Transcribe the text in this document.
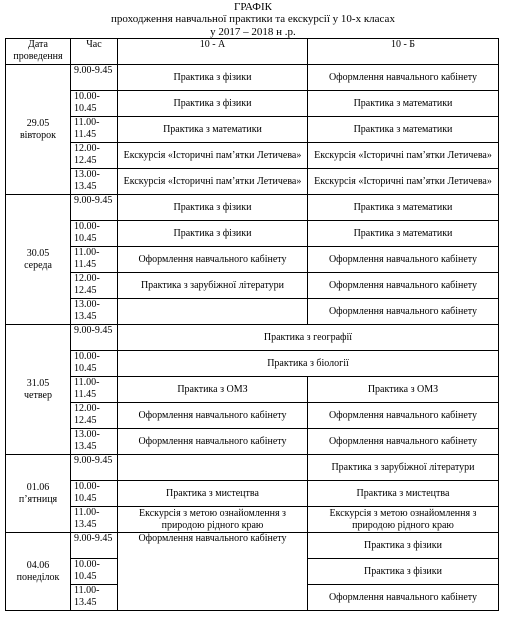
ГРАФІК
проходження навчальної практики та екскурсії у 10-х класах
у 2017 – 2018 н .р.
Дата проведення	Час	10 - А	10 - Б

29.05
вівторок	9.00-9.45	Практика з фізики	Оформлення навчального кабінету
	10.00-10.45	Практика з фізики	Практика з математики
	11.00-11.45	Практика з математики	Практика з математики
	12.00-12.45	Екскурсія «Історичні пам’ятки Летичева»	Екскурсія «Історичні пам’ятки Летичева»
	13.00-13.45	Екскурсія «Історичні пам’ятки Летичева»	Екскурсія «Історичні пам’ятки Летичева»

30.05
середа	9.00-9.45	Практика з фізики	Практика з математики
	10.00-10.45	Практика з фізики	Практика з математики
	11.00-11.45	Оформлення навчального кабінету	Оформлення навчального кабінету
	12.00-12.45	Практика з зарубіжної літератури	Оформлення навчального кабінету
	13.00-13.45		Оформлення навчального кабінету

31.05
четвер	9.00-9.45	Практика з географії	
	10.00-10.45	Практика з біології	
	11.00-11.45	Практика з ОМЗ	Практика з ОМЗ
	12.00-12.45	Оформлення навчального кабінету	Оформлення навчального кабінету
	13.00-13.45	Оформлення навчального кабінету	Оформлення навчального кабінету

01.06
п’ятниця	9.00-9.45		Практика з зарубіжної літератури
	10.00-10.45	Практика з мистецтва	Практика з мистецтва
	11.00-13.45	Екскурсія з метою ознайомлення з природою рідного краю	Екскурсія з метою ознайомлення з природою рідного краю

04.06
понеділок	9.00-9.45	Оформлення навчального кабінету	Практика з фізики
	10.00-10.45		Практика з фізики
	11.00-13.45		Оформлення навчального кабінету
